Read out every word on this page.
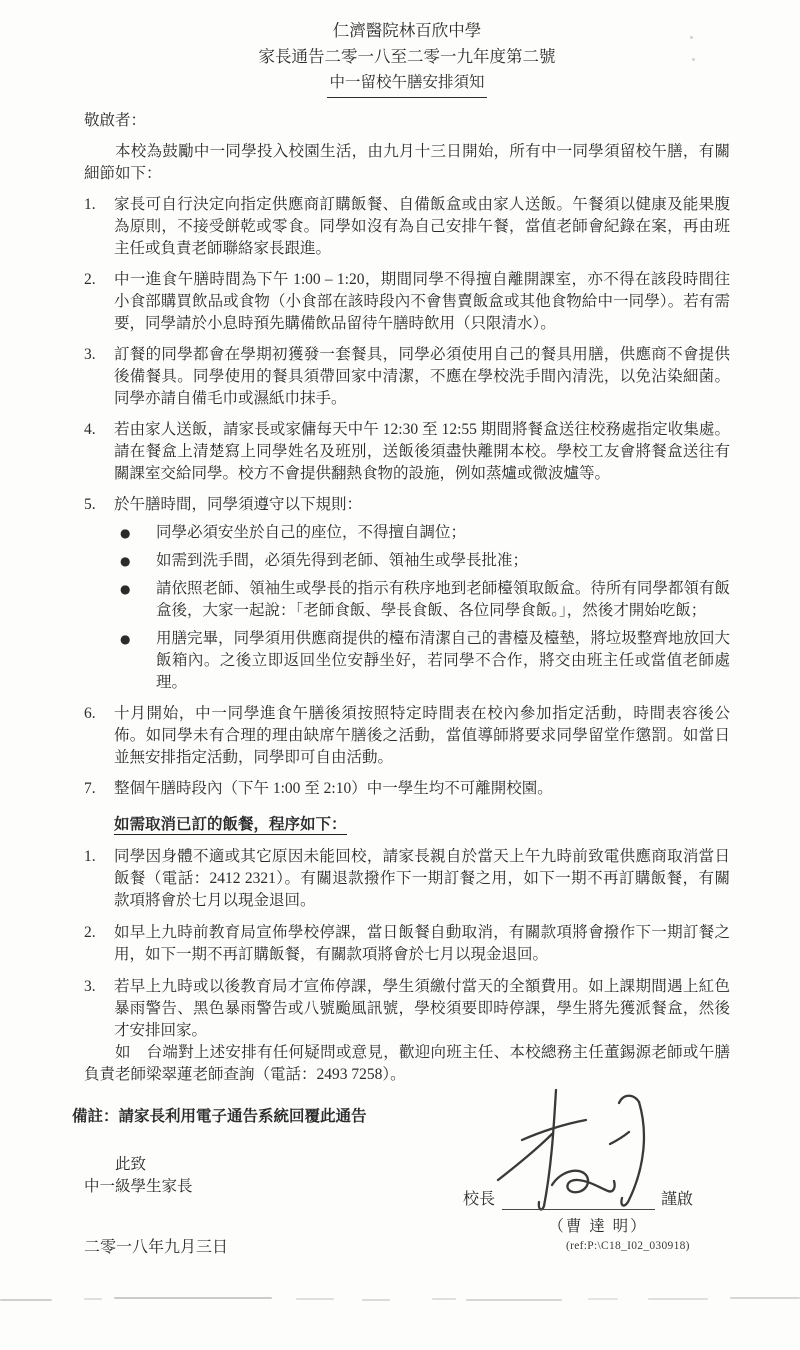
仁濟醫院林百欣中學
家長通告二零一八至二零一九年度第二號
中一留校午膳安排須知
敬啟者：
本校為鼓勵中一同學投入校園生活，由九月十三日開始，所有中一同學須留校午膳，有關細節如下：
1.	家長可自行決定向指定供應商訂購飯餐、自備飯盒或由家人送飯。午餐須以健康及能果腹為原則，不接受餅乾或零食。同學如沒有為自己安排午餐，當值老師會紀錄在案，再由班主任或負責老師聯絡家長跟進。
2.	中一進食午膳時間為下午 1:00 – 1:20，期間同學不得擅自離開課室，亦不得在該段時間往小食部購買飲品或食物（小食部在該時段內不會售賣飯盒或其他食物給中一同學）。若有需要，同學請於小息時預先購備飲品留待午膳時飲用（只限清水）。
3.	訂餐的同學都會在學期初獲發一套餐具，同學必須使用自己的餐具用膳，供應商不會提供後備餐具。同學使用的餐具須帶回家中清潔，不應在學校洗手間內清洗，以免沾染細菌。同學亦請自備毛巾或濕紙巾抹手。
4.	若由家人送飯，請家長或家傭每天中午 12:30 至 12:55 期間將餐盒送往校務處指定收集處。請在餐盒上清楚寫上同學姓名及班別，送飯後須盡快離開本校。學校工友會將餐盒送往有關課室交給同學。校方不會提供翻熱食物的設施，例如蒸爐或微波爐等。
5.	於午膳時間，同學須遵守以下規則：
●	同學必須安坐於自己的座位，不得擅自調位；
●	如需到洗手間，必須先得到老師、領袖生或學長批准；
●	請依照老師、領袖生或學長的指示有秩序地到老師檯領取飯盒。待所有同學都領有飯盒後，大家一起說：「老師食飯、學長食飯、各位同學食飯。」，然後才開始吃飯；
●	用膳完畢，同學須用供應商提供的檯布清潔自己的書檯及檯墊，將垃圾整齊地放回大飯箱內。之後立即返回坐位安靜坐好，若同學不合作，將交由班主任或當值老師處理。
6.	十月開始，中一同學進食午膳後須按照特定時間表在校內參加指定活動，時間表容後公佈。如同學未有合理的理由缺席午膳後之活動，當值導師將要求同學留堂作懲罰。如當日並無安排指定活動，同學即可自由活動。
7.	整個午膳時段內（下午 1:00 至 2:10）中一學生均不可離開校園。
如需取消已訂的飯餐，程序如下：
1.	同學因身體不適或其它原因未能回校，請家長親自於當天上午九時前致電供應商取消當日飯餐（電話：2412 2321）。有關退款撥作下一期訂餐之用，如下一期不再訂購飯餐，有關款項將會於七月以現金退回。
2.	如早上九時前教育局宣佈學校停課，當日飯餐自動取消，有關款項將會撥作下一期訂餐之用，如下一期不再訂購飯餐，有關款項將會於七月以現金退回。
3.	若早上九時或以後教育局才宣佈停課，學生須繳付當天的全額費用。如上課期間遇上紅色暴雨警告、黑色暴雨警告或八號颱風訊號，學校須要即時停課，學生將先獲派餐盒，然後才安排回家。
如　台端對上述安排有任何疑問或意見，歡迎向班主任、本校總務主任董錫源老師或午膳負責老師梁翠蓮老師查詢（電話：2493 7258）。
備註：請家長利用電子通告系統回覆此通告
此致
中一級學生家長
校長	謹啟
（曹 達 明）
二零一八年九月三日	(ref:P:\C18_I02_030918)
